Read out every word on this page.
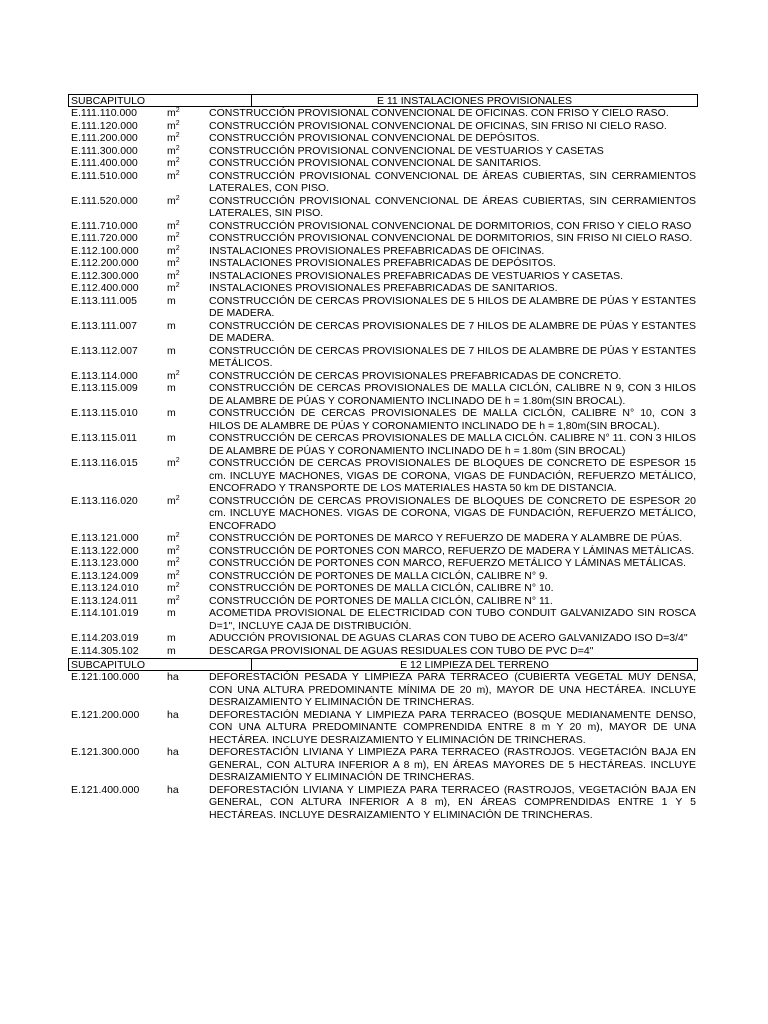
SUBCAPITULO	E 11 INSTALACIONES PROVISIONALES
E.111.110.000	$m^2$	CONSTRUCCIÓN PROVISIONAL CONVENCIONAL DE OFICINAS. CON FRISO Y CIELO RASO.
E.111.120.000	$m^2$	CONSTRUCCIÓN PROVISIONAL CONVENCIONAL DE OFICINAS, SIN FRISO NI CIELO RASO.
E.111.200.000	$m^2$	CONSTRUCCIÓN PROVISIONAL CONVENCIONAL DE DEPÓSITOS.
E.111.300.000	$m^2$	CONSTRUCCIÓN PROVISIONAL CONVENCIONAL DE VESTUARIOS Y CASETAS
E.111.400.000	$m^2$	CONSTRUCCIÓN PROVISIONAL CONVENCIONAL DE SANITARIOS.
E.111.510.000	$m^2$	CONSTRUCCIÓN PROVISIONAL CONVENCIONAL DE ÁREAS CUBIERTAS, SIN CERRAMIENTOS LATERALES, CON PISO.
E.111.520.000	$m^2$	CONSTRUCCIÓN PROVISIONAL CONVENCIONAL DE ÁREAS CUBIERTAS, SIN CERRAMIENTOS LATERALES, SIN PISO.
E.111.710.000	$m^2$	CONSTRUCCIÓN PROVISIONAL CONVENCIONAL DE DORMITORIOS, CON FRISO Y CIELO RASO
E.111.720.000	$m^2$	CONSTRUCCIÓN PROVISIONAL CONVENCIONAL DE DORMITORIOS, SIN FRISO NI CIELO RASO.
E.112.100.000	$m^2$	INSTALACIONES PROVISIONALES PREFABRICADAS DE OFICINAS.
E.112.200.000	$m^2$	INSTALACIONES PROVISIONALES PREFABRICADAS DE DEPÓSITOS.
E.112.300.000	$m^2$	INSTALACIONES PROVISIONALES PREFABRICADAS DE VESTUARIOS Y CASETAS.
E.112.400.000	$m^2$	INSTALACIONES PROVISIONALES PREFABRICADAS DE SANITARIOS.
E.113.111.005	m	CONSTRUCCIÓN DE CERCAS PROVISIONALES DE 5 HILOS DE ALAMBRE DE PÚAS Y ESTANTES DE MADERA.
E.113.111.007	m	CONSTRUCCIÓN DE CERCAS PROVISIONALES DE 7 HILOS DE ALAMBRE DE PÚAS Y ESTANTES DE MADERA.
E.113.112.007	m	CONSTRUCCIÓN DE CERCAS PROVISIONALES DE 7 HILOS DE ALAMBRE DE PÚAS Y ESTANTES METÁLICOS.
E.113.114.000	$m^2$	CONSTRUCCIÓN DE CERCAS PROVISIONALES PREFABRICADAS DE CONCRETO.
E.113.115.009	m	CONSTRUCCIÓN DE CERCAS PROVISIONALES DE MALLA CICLÓN, CALIBRE N 9, CON 3 HILOS DE ALAMBRE DE PÚAS Y CORONAMIENTO INCLINADO DE h = 1.80m(SIN BROCAL).
E.113.115.010	m	CONSTRUCCIÓN DE CERCAS PROVISIONALES DE MALLA CICLÓN, CALIBRE N° 10, CON 3 HILOS DE ALAMBRE DE PÚAS Y CORONAMIENTO INCLINADO DE h = 1,80m(SIN BROCAL).
E.113.115.011	m	CONSTRUCCIÓN DE CERCAS PROVISIONALES DE MALLA CICLÓN. CALIBRE N° 11. CON 3 HILOS DE ALAMBRE DE PÚAS Y CORONAMIENTO INCLINADO DE h = 1.80m (SIN BROCAL)
E.113.116.015	$m^2$	CONSTRUCCIÓN DE CERCAS PROVISIONALES DE BLOQUES DE CONCRETO DE ESPESOR 15 cm. INCLUYE MACHONES, VIGAS DE CORONA, VIGAS DE FUNDACIÓN, REFUERZO METÁLICO, ENCOFRADO Y TRANSPORTE DE LOS MATERIALES HASTA 50 km DE DISTANCIA.
E.113.116.020	$m^2$	CONSTRUCCIÓN DE CERCAS PROVISIONALES DE BLOQUES DE CONCRETO DE ESPESOR 20 cm. INCLUYE MACHONES. VIGAS DE CORONA, VIGAS DE FUNDACIÓN, REFUERZO METÁLICO, ENCOFRADO
E.113.121.000	$m^2$	CONSTRUCCIÓN DE PORTONES DE MARCO Y REFUERZO DE MADERA Y ALAMBRE DE PÚAS.
E.113.122.000	$m^2$	CONSTRUCCIÓN DE PORTONES CON MARCO, REFUERZO DE MADERA Y LÁMINAS METÁLICAS.
E.113.123.000	$m^2$	CONSTRUCCIÓN DE PORTONES CON MARCO, REFUERZO METÁLICO Y LÁMINAS METÁLICAS.
E.113.124.009	$m^2$	CONSTRUCCIÓN DE PORTONES DE MALLA CICLÓN, CALIBRE N° 9.
E.113.124.010	$m^2$	CONSTRUCCIÓN DE PORTONES DE MALLA CICLÓN, CALIBRE N° 10.
E.113.124.011	$m^2$	CONSTRUCCIÓN DE PORTONES DE MALLA CICLÓN, CALIBRE N° 11.
E.114.101.019	m	ACOMETIDA PROVISIONAL DE ELECTRICIDAD CON TUBO CONDUIT GALVANIZADO SIN ROSCA D=1", INCLUYE CAJA DE DISTRIBUCIÓN.
E.114.203.019	m	ADUCCIÓN PROVISIONAL DE AGUAS CLARAS CON TUBO DE ACERO GALVANIZADO ISO D=3/4"
E.114.305.102	m	DESCARGA PROVISIONAL DE AGUAS RESIDUALES CON TUBO DE PVC D=4"
SUBCAPITULO	E 12 LIMPIEZA DEL TERRENO
E.121.100.000	ha	DEFORESTACIÓN PESADA Y LIMPIEZA PARA TERRACEO (CUBIERTA VEGETAL MUY DENSA, CON UNA ALTURA PREDOMINANTE MÍNIMA DE 20 m), MAYOR DE UNA HECTÁREA. INCLUYE DESRAIZAMIENTO Y ELIMINACIÓN DE TRINCHERAS.
E.121.200.000	ha	DEFORESTACIÓN MEDIANA Y LIMPIEZA PARA TERRACEO (BOSQUE MEDIANAMENTE DENSO, CON UNA ALTURA PREDOMINANTE COMPRENDIDA ENTRE 8 m Y 20 m), MAYOR DE UNA HECTÁREA. INCLUYE DESRAIZAMIENTO Y ELIMINACIÓN DE TRINCHERAS.
E.121.300.000	ha	DEFORESTACIÓN LIVIANA Y LIMPIEZA PARA TERRACEO (RASTROJOS. VEGETACIÓN BAJA EN GENERAL, CON ALTURA INFERIOR A 8 m), EN ÁREAS MAYORES DE 5 HECTÁREAS. INCLUYE DESRAIZAMIENTO Y ELIMINACIÓN DE TRINCHERAS.
E.121.400.000	ha	DEFORESTACIÓN LIVIANA Y LIMPIEZA PARA TERRACEO (RASTROJOS, VEGETACIÓN BAJA EN GENERAL, CON ALTURA INFERIOR A 8 m), EN ÁREAS COMPRENDIDAS ENTRE 1 Y 5 HECTÁREAS. INCLUYE DESRAIZAMIENTO Y ELIMINACIÓN DE TRINCHERAS.
